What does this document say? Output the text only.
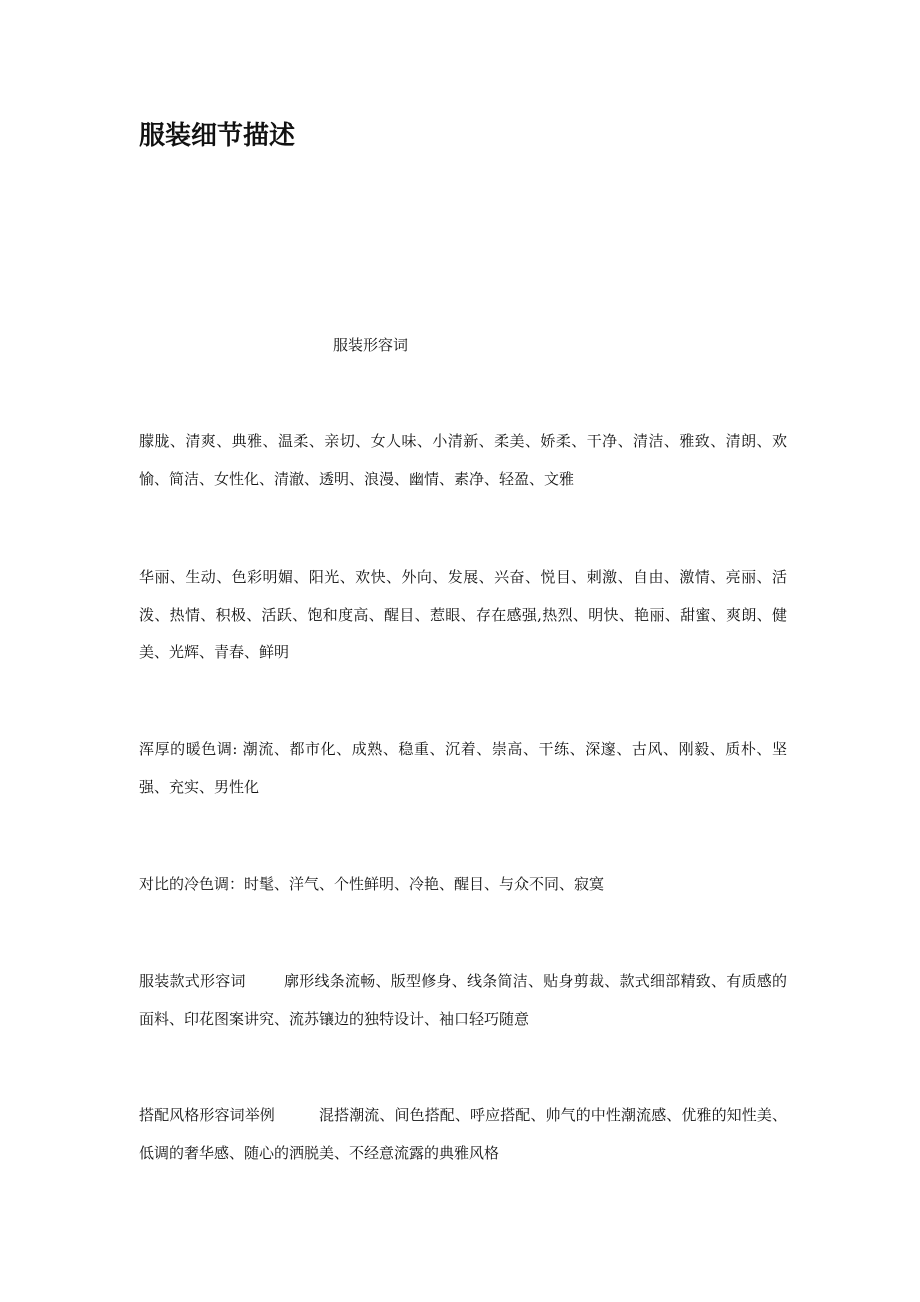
服装细节描述

服装形容词

朦胧、清爽、典雅、温柔、亲切、女人味、小清新、柔美、娇柔、干净、清洁、雅致、清朗、欢愉、简洁、女性化、清澈、透明、浪漫、幽情、素净、轻盈、文雅

华丽、生动、色彩明媚、阳光、欢快、外向、发展、兴奋、悦目、刺激、自由、激情、亮丽、活泼、热情、积极、活跃、饱和度高、醒目、惹眼、存在感强,热烈、明快、艳丽、甜蜜、爽朗、健美、光辉、青春、鲜明

浑厚的暖色调: 潮流、都市化、成熟、稳重、沉着、崇高、干练、深邃、古风、刚毅、质朴、坚强、充实、男性化

对比的冷色调：时髦、洋气、个性鲜明、冷艳、醒目、与众不同、寂寞

服装款式形容词	廓形线条流畅、版型修身、线条简洁、贴身剪裁、款式细部精致、有质感的面料、印花图案讲究、流苏镶边的独特设计、袖口轻巧随意

搭配风格形容词举例	混搭潮流、间色搭配、呼应搭配、帅气的中性潮流感、优雅的知性美、低调的奢华感、随心的洒脱美、不经意流露的典雅风格
